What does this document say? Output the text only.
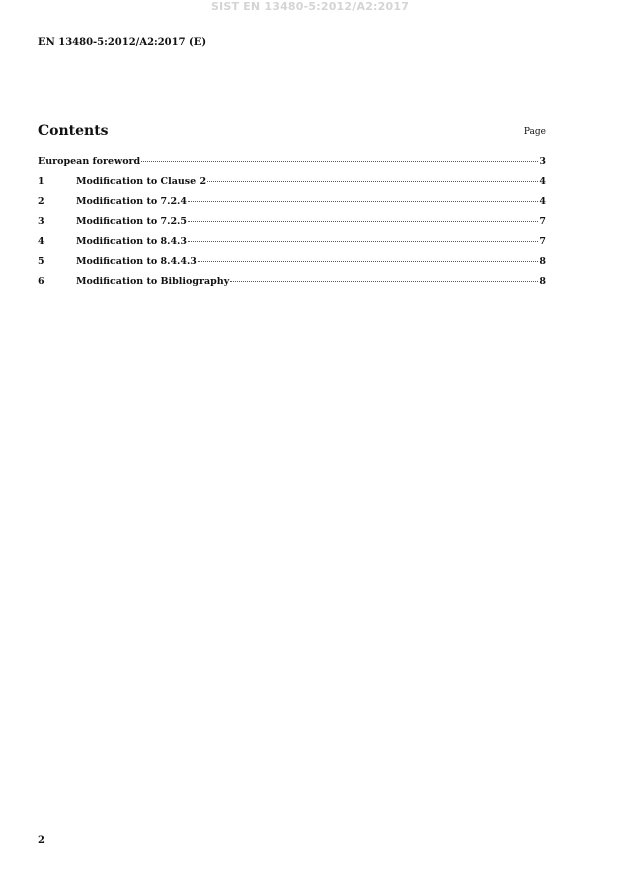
SIST EN 13480-5:2012/A2:2017
EN 13480-5:2012/A2:2017 (E)
Contents	Page
European foreword	3
1	Modification to Clause 2	4
2	Modification to 7.2.4	4
3	Modification to 7.2.5	7
4	Modification to 8.4.3	7
5	Modification to 8.4.4.3	8
6	Modification to Bibliography	8
2
